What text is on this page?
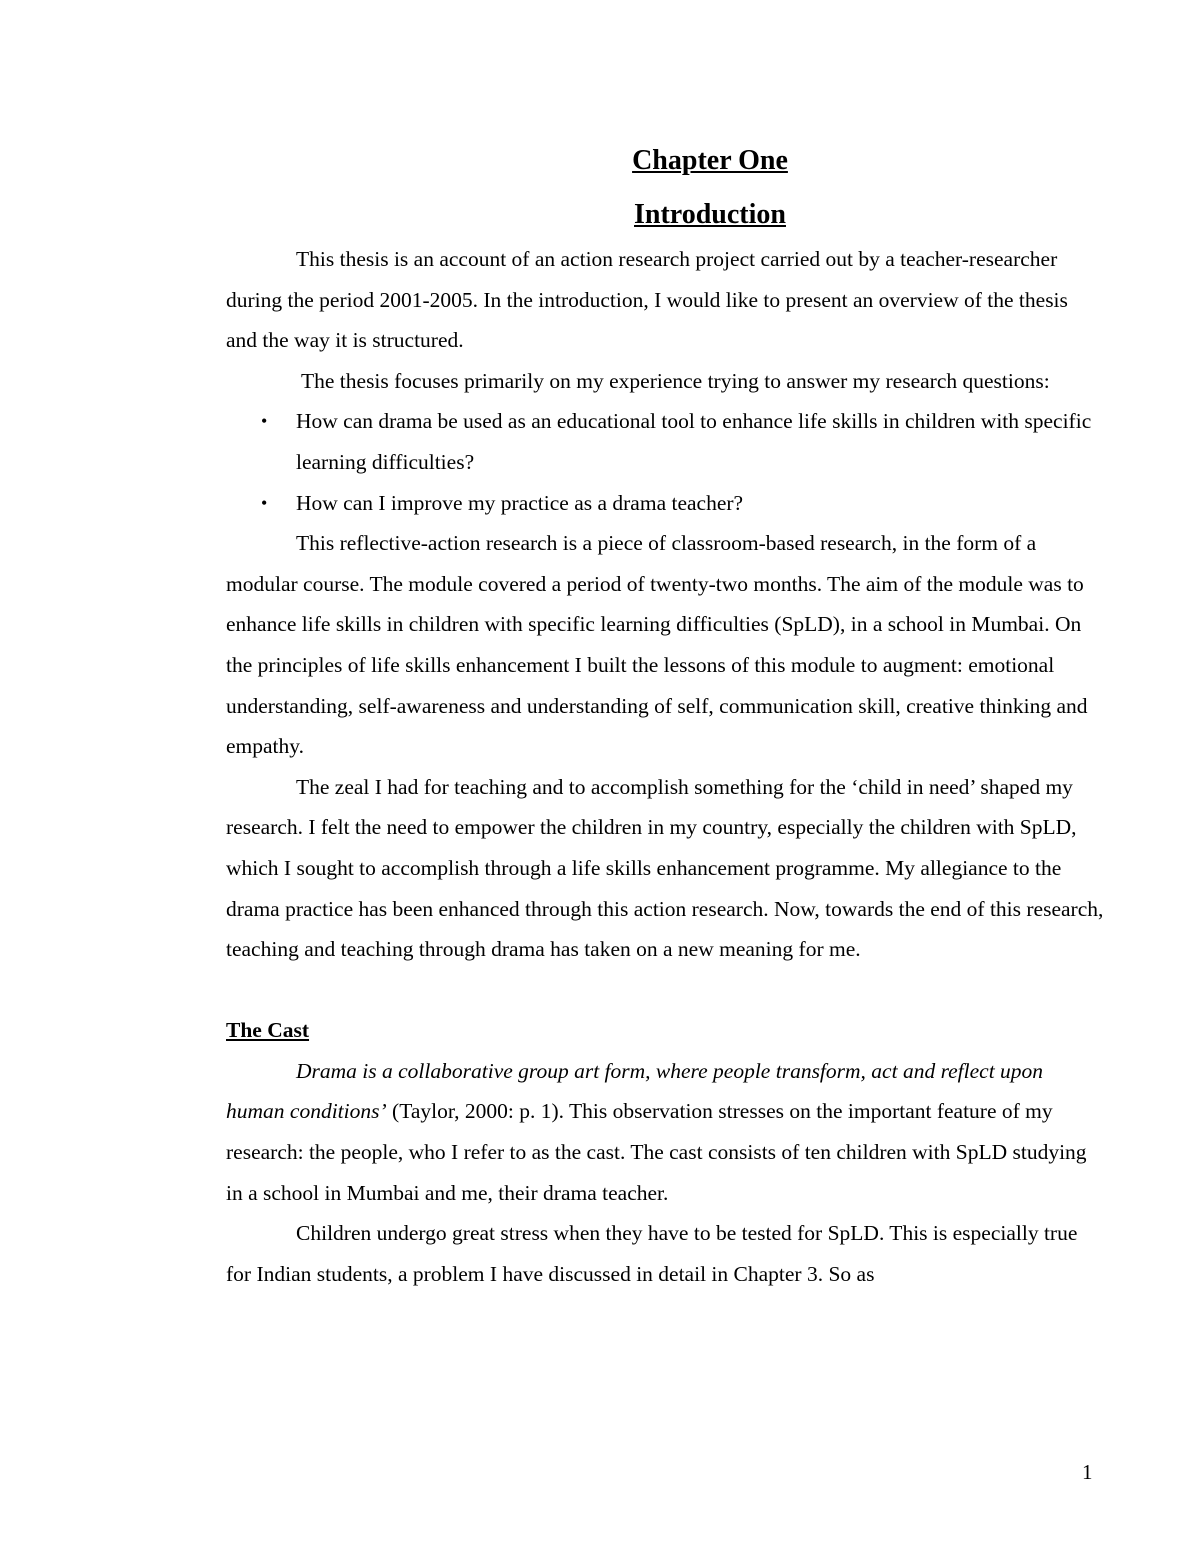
Chapter One
Introduction

This thesis is an account of an action research project carried out by a teacher-researcher during the period 2001-2005. In the introduction, I would like to present an overview of the thesis and the way it is structured.

The thesis focuses primarily on my experience trying to answer my research questions:

• How can drama be used as an educational tool to enhance life skills in children with specific learning difficulties?
• How can I improve my practice as a drama teacher?

This reflective-action research is a piece of classroom-based research, in the form of a modular course. The module covered a period of twenty-two months. The aim of the module was to enhance life skills in children with specific learning difficulties (SpLD), in a school in Mumbai. On the principles of life skills enhancement I built the lessons of this module to augment: emotional understanding, self-awareness and understanding of self, communication skill, creative thinking and empathy.

The zeal I had for teaching and to accomplish something for the ‘child in need’ shaped my research. I felt the need to empower the children in my country, especially the children with SpLD, which I sought to accomplish through a life skills enhancement programme. My allegiance to the drama practice has been enhanced through this action research. Now, towards the end of this research, teaching and teaching through drama has taken on a new meaning for me.

The Cast

Drama is a collaborative group art form, where people transform, act and reflect upon human conditions’ (Taylor, 2000: p. 1). This observation stresses on the important feature of my research: the people, who I refer to as the cast. The cast consists of ten children with SpLD studying in a school in Mumbai and me, their drama teacher.

Children undergo great stress when they have to be tested for SpLD. This is especially true for Indian students, a problem I have discussed in detail in Chapter 3. So as

1
